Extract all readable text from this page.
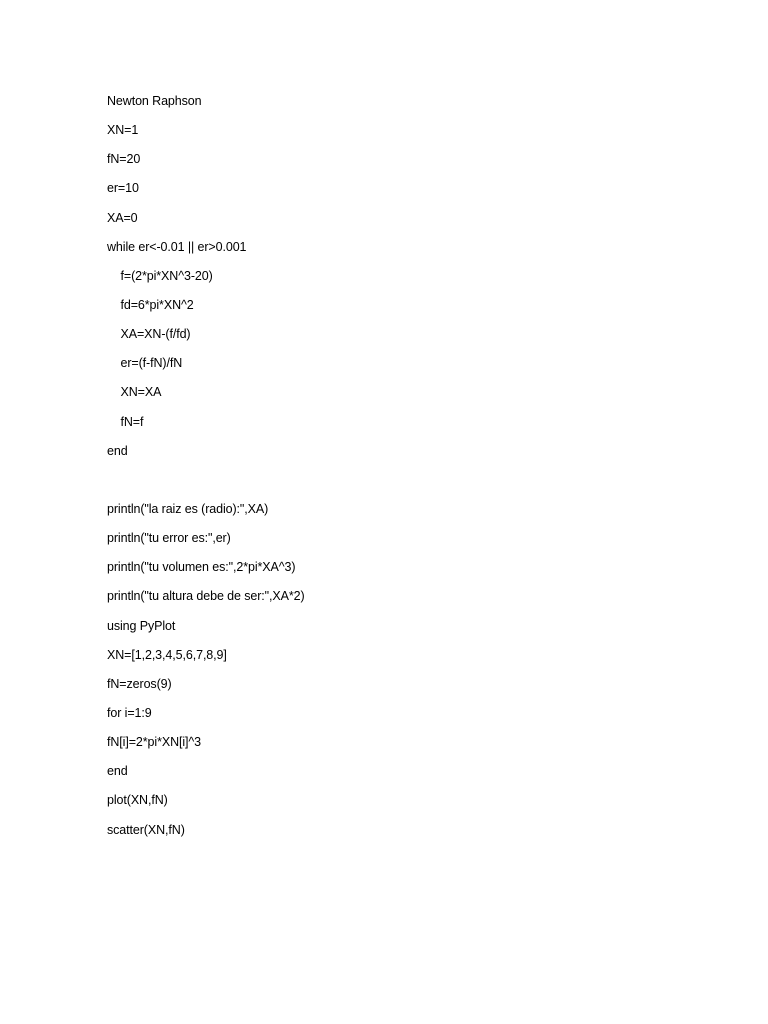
Newton Raphson
XN=1
fN=20
er=10
XA=0
while er<-0.01 || er>0.001
f=(2*pi*XN^3-20)
fd=6*pi*XN^2
XA=XN-(f/fd)
er=(f-fN)/fN
XN=XA
fN=f
end
println("la raiz es (radio):",XA)
println("tu error es:",er)
println("tu volumen es:",2*pi*XA^3)
println("tu altura debe de ser:",XA*2)
using PyPlot
XN=[1,2,3,4,5,6,7,8,9]
fN=zeros(9)
for i=1:9
fN[i]=2*pi*XN[i]^3
end
plot(XN,fN)
scatter(XN,fN)
